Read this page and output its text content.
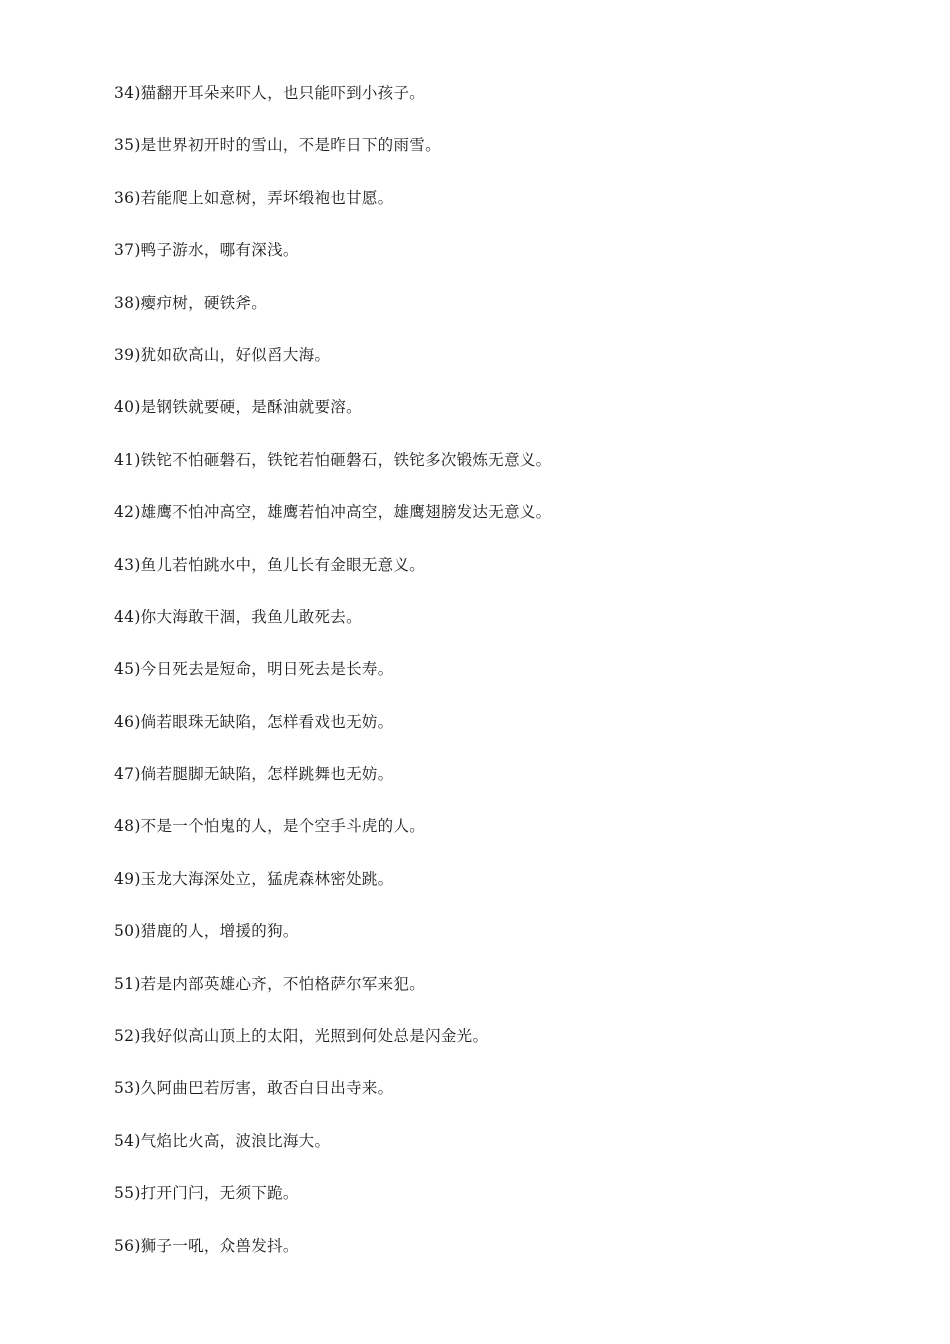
34)猫翻开耳朵来吓人，也只能吓到小孩子。
35)是世界初开时的雪山，不是昨日下的雨雪。
36)若能爬上如意树，弄坏缎袍也甘愿。
37)鸭子游水，哪有深浅。
38)瘿疖树，硬铁斧。
39)犹如砍高山，好似舀大海。
40)是钢铁就要硬，是酥油就要溶。
41)铁铊不怕砸磐石，铁铊若怕砸磐石，铁铊多次锻炼无意义。
42)雄鹰不怕冲高空，雄鹰若怕冲高空，雄鹰翅膀发达无意义。
43)鱼儿若怕跳水中，鱼儿长有金眼无意义。
44)你大海敢干涸，我鱼儿敢死去。
45)今日死去是短命，明日死去是长寿。
46)倘若眼珠无缺陷，怎样看戏也无妨。
47)倘若腿脚无缺陷，怎样跳舞也无妨。
48)不是一个怕鬼的人，是个空手斗虎的人。
49)玉龙大海深处立，猛虎森林密处跳。
50)猎鹿的人，增援的狗。
51)若是内部英雄心齐，不怕格萨尔军来犯。
52)我好似高山顶上的太阳，光照到何处总是闪金光。
53)久阿曲巴若厉害，敢否白日出寺来。
54)气焰比火高，波浪比海大。
55)打开门闩，无须下跪。
56)狮子一吼，众兽发抖。
